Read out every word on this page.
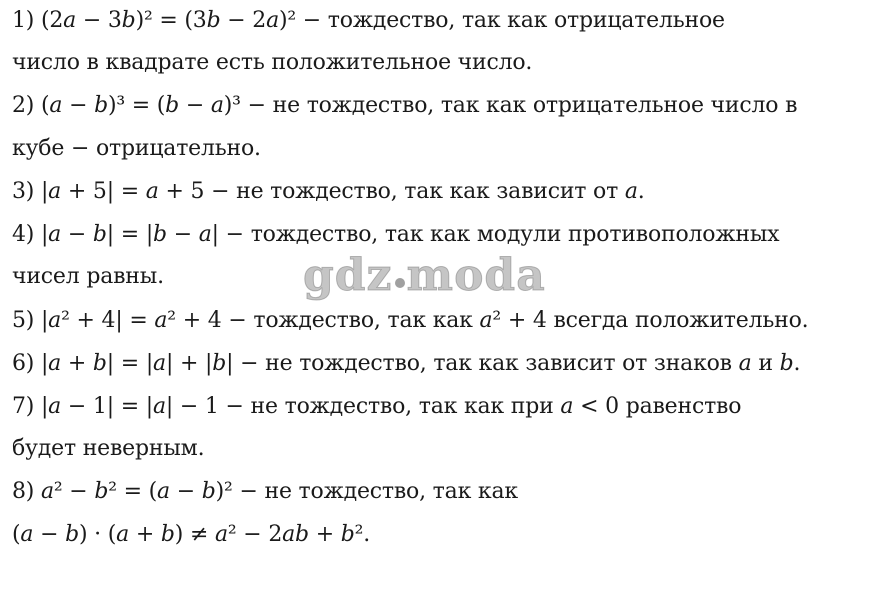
1) (2𝑎 − 3𝑏)² = (3𝑏 − 2𝑎)² − тождество, так как отрицательное
число в квадрате есть положительное число.
2) (𝑎 − 𝑏)³ = (𝑏 − 𝑎)³ − не тождество, так как отрицательное число в
кубе − отрицательно.
3) |𝑎 + 5| = 𝑎 + 5 − не тождество, так как зависит от 𝑎.
4) |𝑎 − 𝑏| = |𝑏 − 𝑎| − тождество, так как модули противоположных
чисел равны.
5) |𝑎² + 4| = 𝑎² + 4 − тождество, так как 𝑎² + 4 всегда положительно.
6) |𝑎 + 𝑏| = |𝑎| + |𝑏| − не тождество, так как зависит от знаков 𝑎 и 𝑏.
7) |𝑎 − 1| = |𝑎| − 1 − не тождество, так как при 𝑎 < 0 равенство
будет неверным.
8) 𝑎² − 𝑏² = (𝑎 − 𝑏)² − не тождество, так как
(𝑎 − 𝑏) · (𝑎 + 𝑏) ≠ 𝑎² − 2𝑎𝑏 + 𝑏².
gdz moda
